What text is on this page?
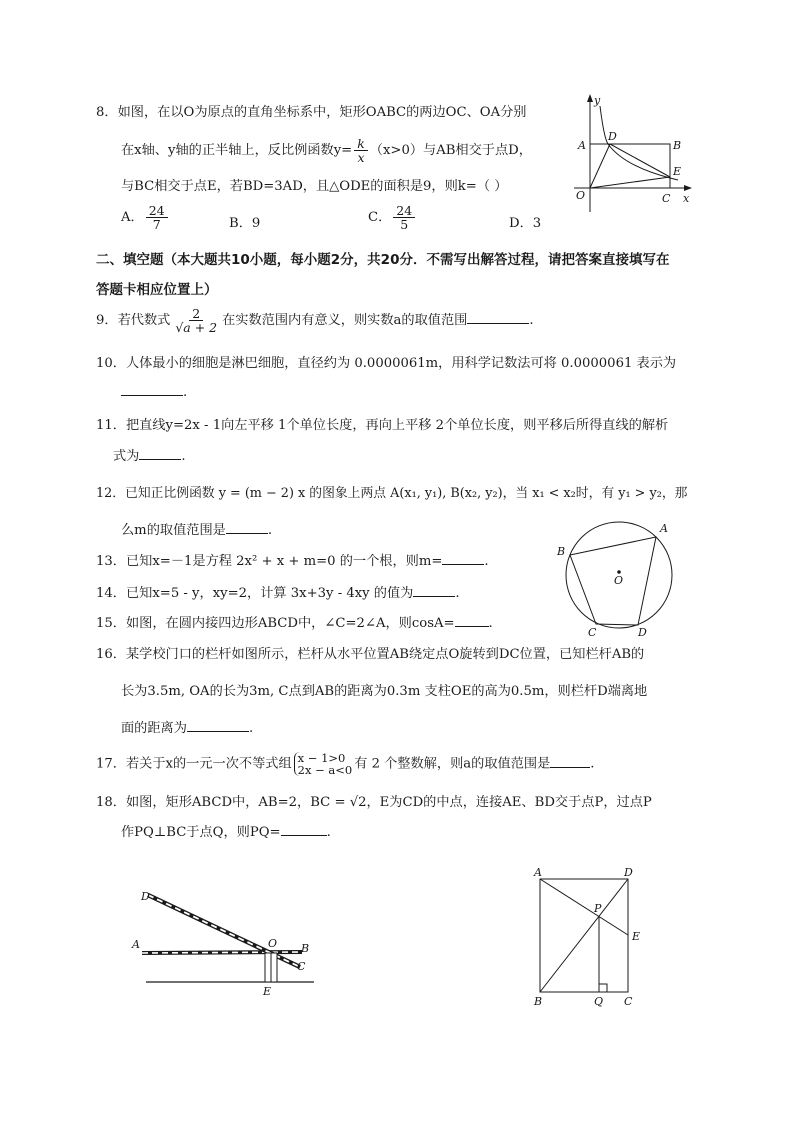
8．如图，在以O为原点的直角坐标系中，矩形OABC的两边OC、OA分别
在x轴、y轴的正半轴上，反比例函数$y= \frac{k}{x} (x>0)$与AB相交于点D，
与BC相交于点E，若BD=3AD，且△ODE的面积是9，则k=（ ）
A． $\frac{24}{7}$	B．9	C． $\frac{24}{5}$	D．3
y
x
O
A
D
B
E
C
二、填空题（本大题共10小题，每小题2分，共20分．不需写出解答过程，请把答案直接填写在
答题卡相应位置上）
9．若代数式 $\frac{2}{√a + 2}$ 在实数范围内有意义，则实数a的取值范围	.
10．人体最小的细胞是淋巴细胞，直径约为 0.0000061m，用科学记数法可将 0.0000061 表示为
.
11．把直线y=2x - 1向左平移 1个单位长度，再向上平移 2个单位长度，则平移后所得直线的解析
式为	.
12．已知正比例函数 y = (m − 2) x 的图象上两点 A(x₁, y₁), B(x₂, y₂)，当 x₁ < x₂时，有 y₁ > y₂，那
么m的取值范围是	.
13．已知x=－1是方程 2x² + x + m=0 的一个根，则m=	.
14．已知x=5 - y，xy=2，计算 3x+3y - 4xy 的值为	.
15．如图，在圆内接四边形ABCD中，∠C=2∠A，则cosA=	.
A
B
C	D
O
16．某学校门口的栏杆如图所示，栏杆从水平位置AB绕定点O旋转到DC位置，已知栏杆AB的
长为3.5m, OA的长为3m, C点到AB的距离为0.3m 支柱OE的高为0.5m，则栏杆D端离地
面的距离为	.
17．若关于x的一元一次不等式组 x − 1>0
2x − a<0 有 2 个整数解，则a的取值范围是	.
18．如图，矩形ABCD中，AB=2，BC = √2，E为CD的中点，连接AE、BD交于点P，过点P
作PQ⊥BC于点Q，则PQ=	.
D
A	O B
C
E
A	D
P
E
B	Q C
